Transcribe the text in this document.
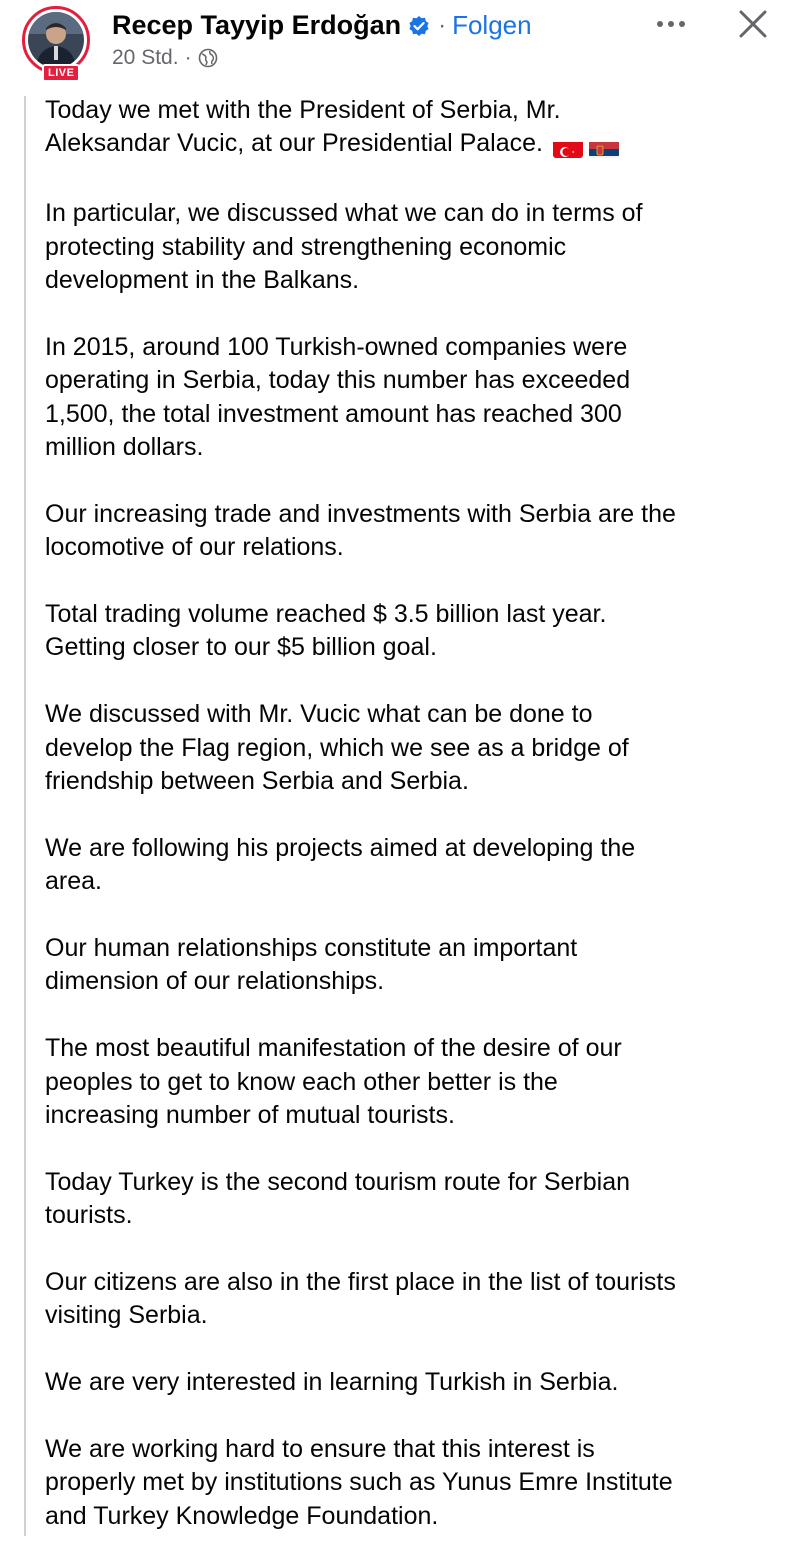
LIVE
Recep Tayyip Erdoğan · Folgen
20 Std. ·

Today we met with the President of Serbia, Mr.
Aleksandar Vucic, at our Presidential Palace.

In particular, we discussed what we can do in terms of
protecting stability and strengthening economic
development in the Balkans.

In 2015, around 100 Turkish-owned companies were
operating in Serbia, today this number has exceeded
1,500, the total investment amount has reached 300
million dollars.

Our increasing trade and investments with Serbia are the
locomotive of our relations.

Total trading volume reached $ 3.5 billion last year.
Getting closer to our $5 billion goal.

We discussed with Mr. Vucic what can be done to
develop the Flag region, which we see as a bridge of
friendship between Serbia and Serbia.

We are following his projects aimed at developing the
area.

Our human relationships constitute an important
dimension of our relationships.

The most beautiful manifestation of the desire of our
peoples to get to know each other better is the
increasing number of mutual tourists.

Today Turkey is the second tourism route for Serbian
tourists.

Our citizens are also in the first place in the list of tourists
visiting Serbia.

We are very interested in learning Turkish in Serbia.

We are working hard to ensure that this interest is
properly met by institutions such as Yunus Emre Institute
and Turkey Knowledge Foundation.
